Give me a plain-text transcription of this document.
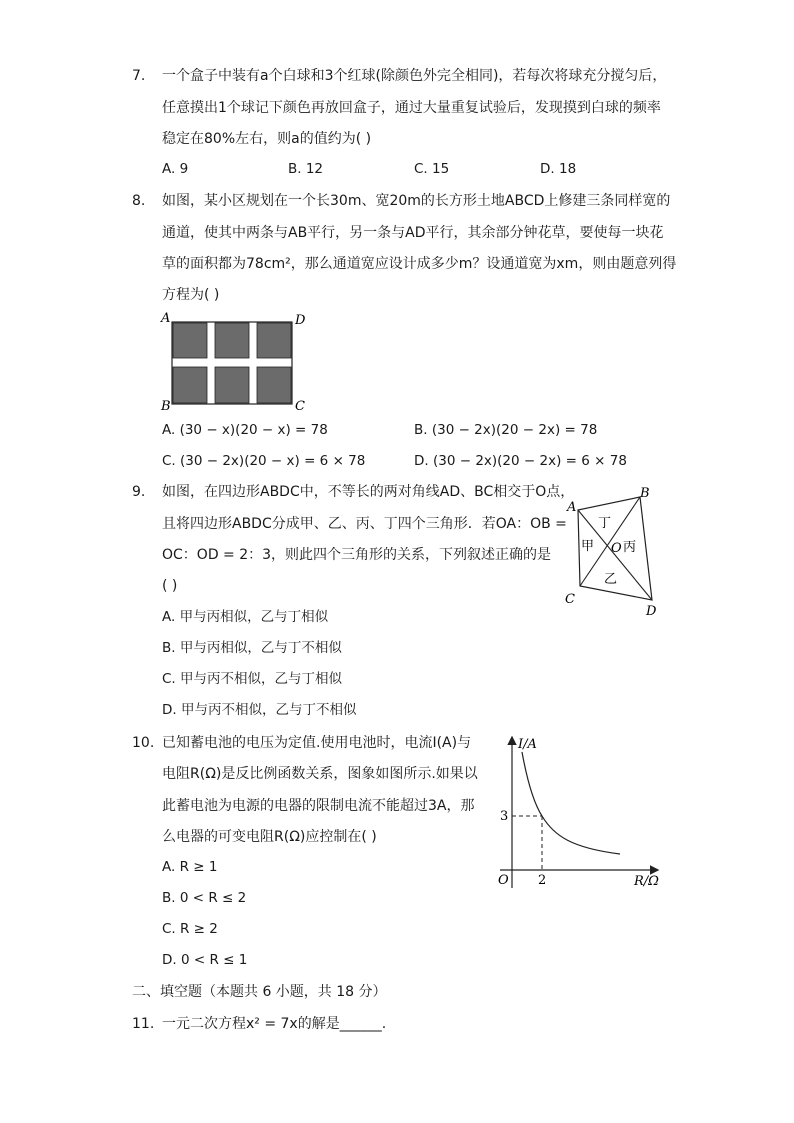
7. 一个盒子中装有a个白球和3个红球(除颜色外完全相同)，若每次将球充分搅匀后，
任意摸出1个球记下颜色再放回盒子，通过大量重复试验后，发现摸到白球的频率
稳定在80%左右，则a的值约为( )
A. 9	B. 12	C. 15	D. 18
8. 如图，某小区规划在一个长30m、宽20m的长方形土地ABCD上修建三条同样宽的
通道，使其中两条与AB平行，另一条与AD平行，其余部分钟花草，要使每一块花
草的面积都为78cm²，那么通道宽应设计成多少m？设通道宽为xm，则由题意列得
方程为( )
A	D
B	C
A. (30 − x)(20 − x) = 78	B. (30 − 2x)(20 − 2x) = 78
C. (30 − 2x)(20 − x) = 6 × 78	D. (30 − 2x)(20 − 2x) = 6 × 78
9. 如图，在四边形ABDC中，不等长的两对角线AD、BC相交于O点，
且将四边形ABDC分成甲、乙、丙、丁四个三角形．若OA：OB =
OC：OD = 2：3，则此四个三角形的关系，下列叙述正确的是
( )
A
B
C
D
O
甲
乙
丙
丁
A. 甲与丙相似，乙与丁相似
B. 甲与丙相似，乙与丁不相似
C. 甲与丙不相似，乙与丁相似
D. 甲与丙不相似，乙与丁不相似
10. 已知蓄电池的电压为定值.使用电池时，电流I(A)与
电阻R(Ω)是反比例函数关系，图象如图所示.如果以
此蓄电池为电源的电器的限制电流不能超过3A，那
么电器的可变电阻R(Ω)应控制在( )
I/A
R/Ω
O
3
2
A. R ≥ 1
B. 0 < R ≤ 2
C. R ≥ 2
D. 0 < R ≤ 1
二、填空题（本题共 6 小题，共 18 分）
11. 一元二次方程x² = 7x的解是______.
